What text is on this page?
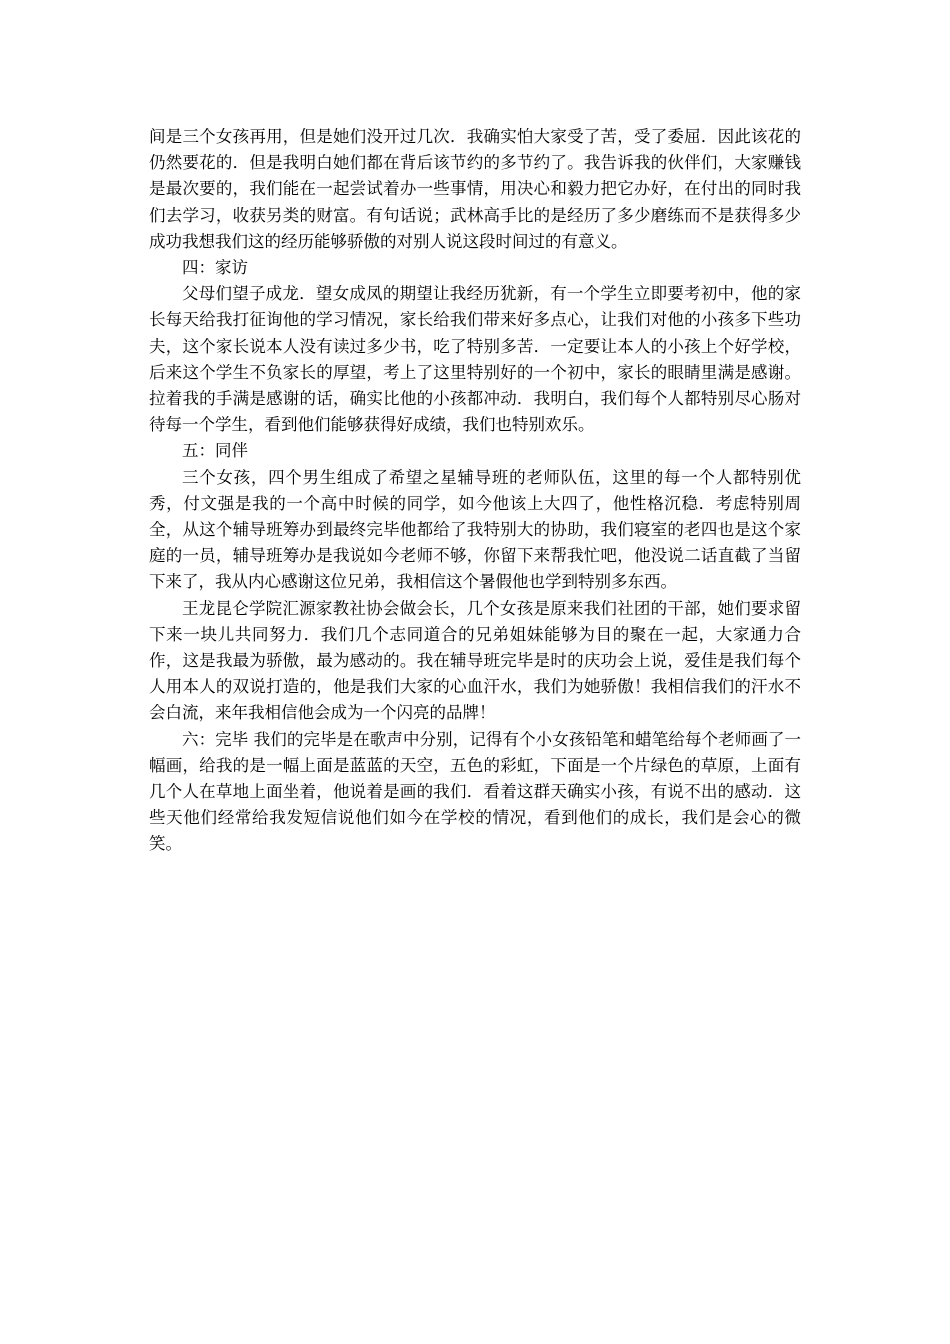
间是三个女孩再用，但是她们没开过几次．我确实怕大家受了苦，受了委屈．因此该花的仍然要花的．但是我明白她们都在背后该节约的多节约了。我告诉我的伙伴们，大家赚钱是最次要的，我们能在一起尝试着办一些事情，用决心和毅力把它办好，在付出的同时我们去学习，收获另类的财富。有句话说；武林高手比的是经历了多少磨练而不是获得多少成功我想我们这的经历能够骄傲的对别人说这段时间过的有意义。

四：家访

父母们望子成龙．望女成凤的期望让我经历犹新，有一个学生立即要考初中，他的家长每天给我打征询他的学习情况，家长给我们带来好多点心，让我们对他的小孩多下些功夫，这个家长说本人没有读过多少书，吃了特别多苦．一定要让本人的小孩上个好学校，后来这个学生不负家长的厚望，考上了这里特别好的一个初中，家长的眼睛里满是感谢。拉着我的手满是感谢的话，确实比他的小孩都冲动．我明白，我们每个人都特别尽心肠对待每一个学生，看到他们能够获得好成绩，我们也特别欢乐。

五：同伴

三个女孩，四个男生组成了希望之星辅导班的老师队伍，这里的每一个人都特别优秀，付文强是我的一个高中时候的同学，如今他该上大四了，他性格沉稳．考虑特别周全，从这个辅导班筹办到最终完毕他都给了我特别大的协助，我们寝室的老四也是这个家庭的一员，辅导班筹办是我说如今老师不够，你留下来帮我忙吧，他没说二话直截了当留下来了，我从内心感谢这位兄弟，我相信这个暑假他也学到特别多东西。

王龙昆仑学院汇源家教社协会做会长，几个女孩是原来我们社团的干部，她们要求留下来一块儿共同努力．我们几个志同道合的兄弟姐妹能够为目的聚在一起，大家通力合作，这是我最为骄傲，最为感动的。我在辅导班完毕是时的庆功会上说，爱佳是我们每个人用本人的双说打造的，他是我们大家的心血汗水，我们为她骄傲！我相信我们的汗水不会白流，来年我相信他会成为一个闪亮的品牌！

六：完毕 我们的完毕是在歌声中分别，记得有个小女孩铅笔和蜡笔给每个老师画了一幅画，给我的是一幅上面是蓝蓝的天空，五色的彩虹，下面是一个片绿色的草原，上面有几个人在草地上面坐着，他说着是画的我们．看着这群天确实小孩，有说不出的感动．这些天他们经常给我发短信说他们如今在学校的情况，看到他们的成长，我们是会心的微笑。
